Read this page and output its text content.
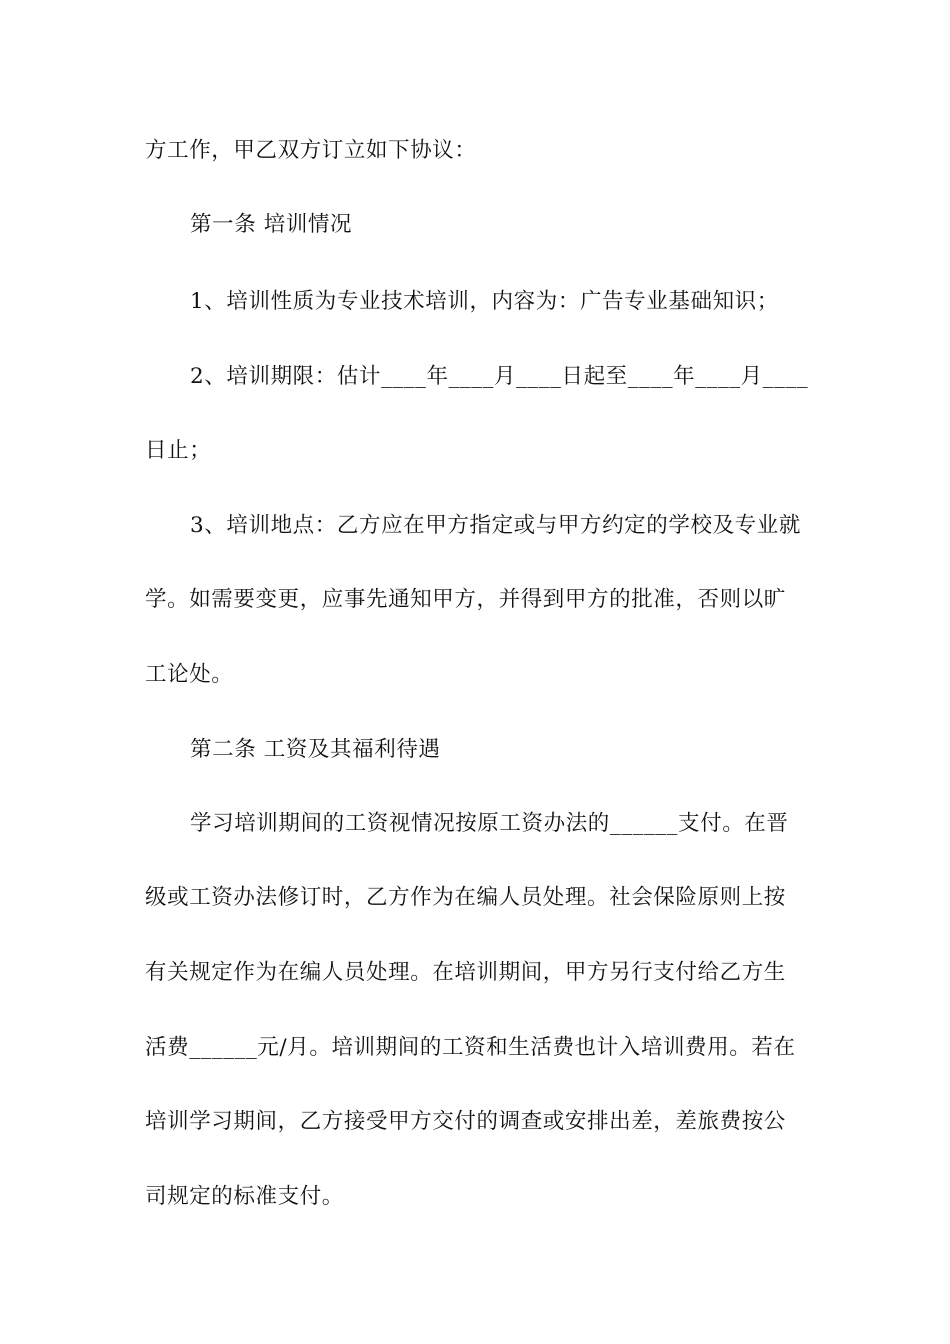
方工作，甲乙双方订立如下协议：
第一条 培训情况
1、培训性质为专业技术培训，内容为：广告专业基础知识；
2、培训期限：估计____年____月____日起至____年____月____
日止；
3、培训地点：乙方应在甲方指定或与甲方约定的学校及专业就
学。如需要变更，应事先通知甲方，并得到甲方的批准，否则以旷
工论处。
第二条 工资及其福利待遇
学习培训期间的工资视情况按原工资办法的______支付。在晋
级或工资办法修订时，乙方作为在编人员处理。社会保险原则上按
有关规定作为在编人员处理。在培训期间，甲方另行支付给乙方生
活费______元/月。培训期间的工资和生活费也计入培训费用。若在
培训学习期间，乙方接受甲方交付的调查或安排出差，差旅费按公
司规定的标准支付。
